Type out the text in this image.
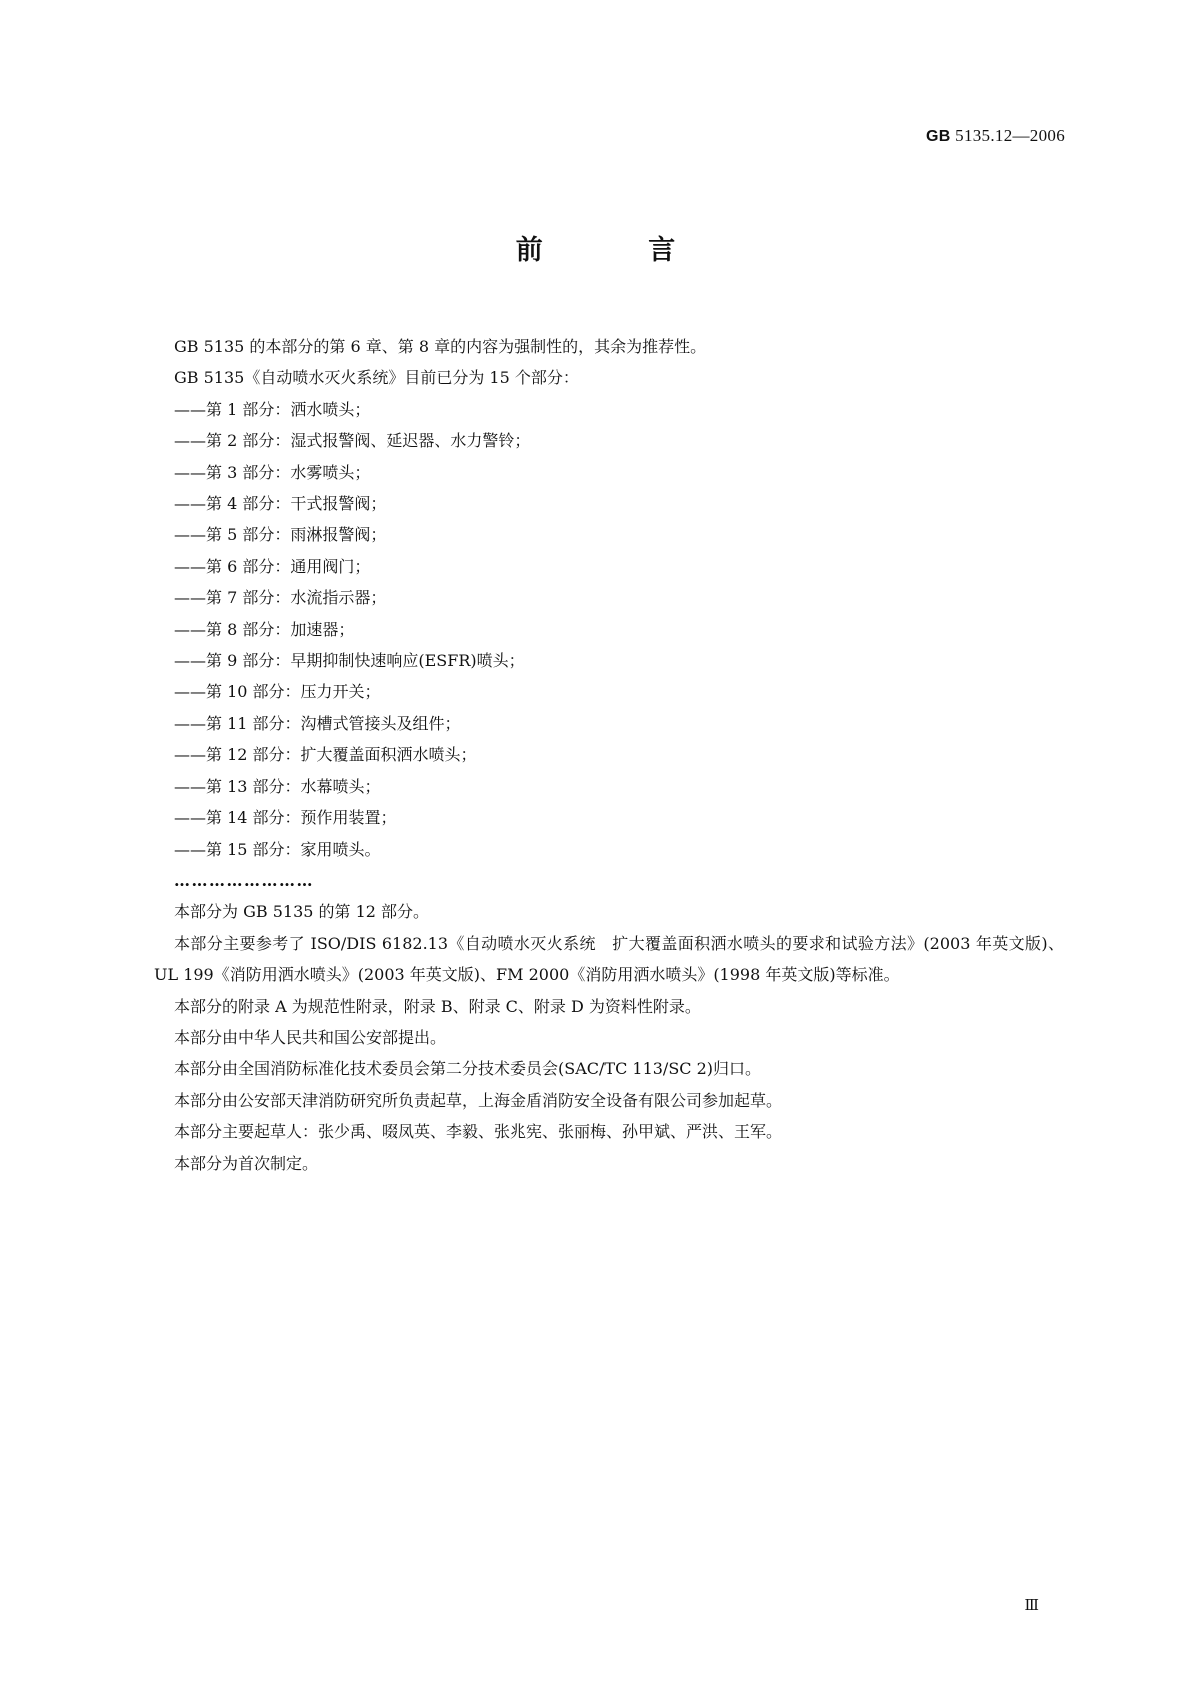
GB 5135.12—2006
前 言

GB 5135 的本部分的第 6 章、第 8 章的内容为强制性的，其余为推荐性。

GB 5135《自动喷水灭火系统》目前已分为 15 个部分：

——第 1 部分：洒水喷头；

——第 2 部分：湿式报警阀、延迟器、水力警铃；

——第 3 部分：水雾喷头；

——第 4 部分：干式报警阀；

——第 5 部分：雨淋报警阀；

——第 6 部分：通用阀门；

——第 7 部分：水流指示器；

——第 8 部分：加速器；

——第 9 部分：早期抑制快速响应(ESFR)喷头；

——第 10 部分：压力开关；

——第 11 部分：沟槽式管接头及组件；

——第 12 部分：扩大覆盖面积洒水喷头；

——第 13 部分：水幕喷头；

——第 14 部分：预作用装置；

——第 15 部分：家用喷头。

……………………

本部分为 GB 5135 的第 12 部分。

本部分主要参考了 ISO/DIS 6182.13《自动喷水灭火系统　扩大覆盖面积洒水喷头的要求和试验方法》(2003 年英文版)、UL 199《消防用洒水喷头》(2003 年英文版)、FM 2000《消防用洒水喷头》(1998 年英文版)等标准。

本部分的附录 A 为规范性附录，附录 B、附录 C、附录 D 为资料性附录。

本部分由中华人民共和国公安部提出。

本部分由全国消防标准化技术委员会第二分技术委员会(SAC/TC 113/SC 2)归口。

本部分由公安部天津消防研究所负责起草，上海金盾消防安全设备有限公司参加起草。

本部分主要起草人：张少禹、啜凤英、李毅、张兆宪、张丽梅、孙甲斌、严洪、王军。

本部分为首次制定。

Ⅲ
